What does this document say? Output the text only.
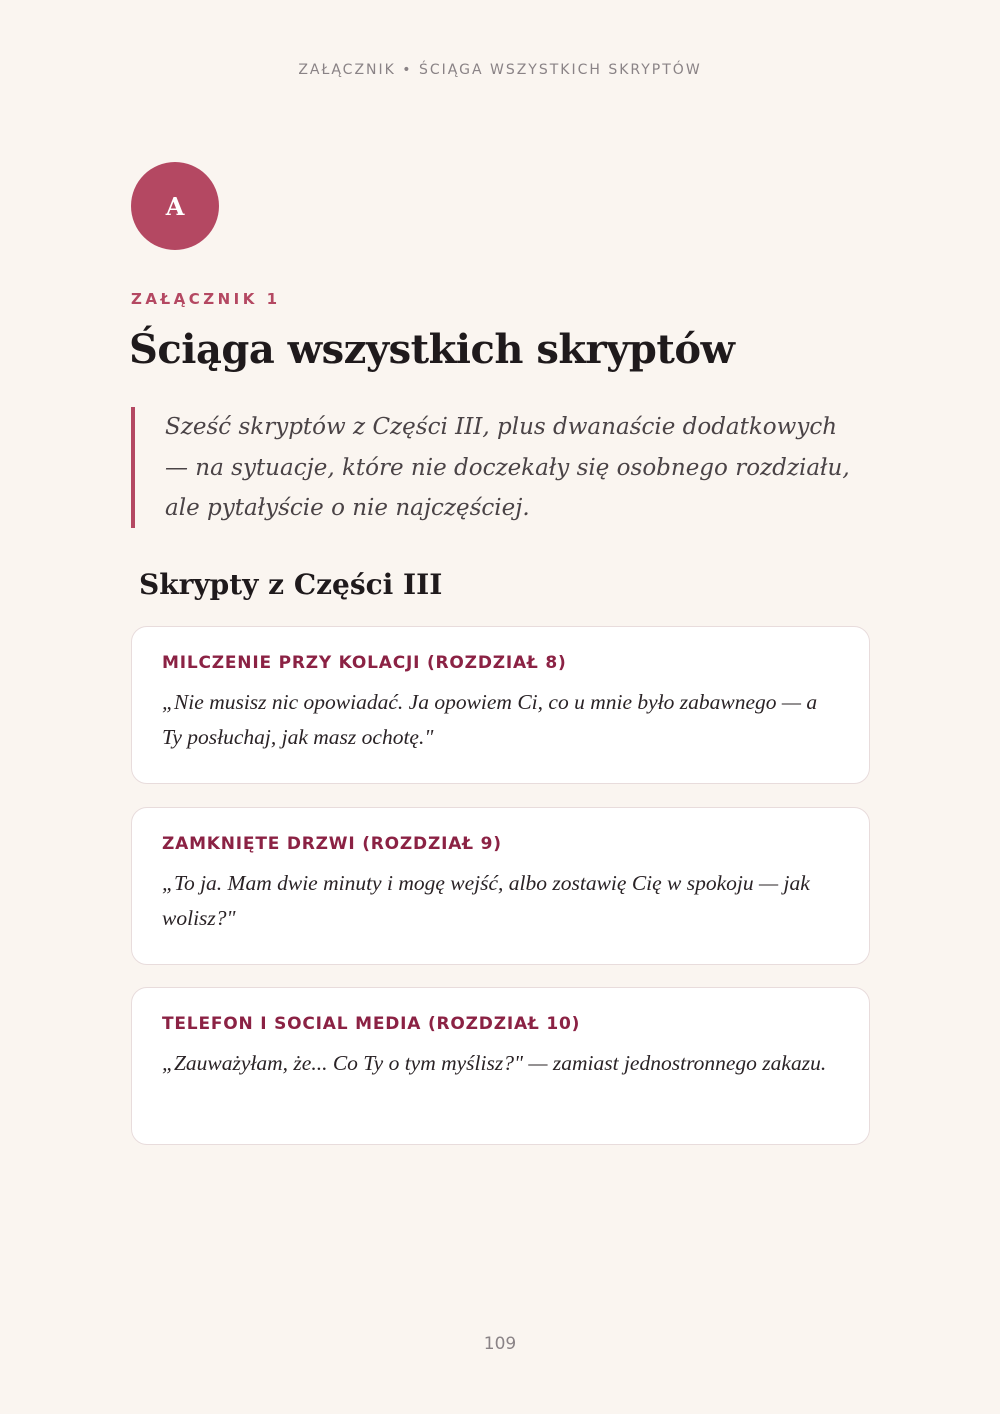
ZAŁĄCZNIK • ŚCIĄGA WSZYSTKICH SKRYPTÓW
A
ZAŁĄCZNIK 1
Ściąga wszystkich skryptów

Sześć skryptów z Części III, plus dwanaście dodatkowych — na sytuacje, które nie doczekały się osobnego rozdziału, ale pytałyście o nie najczęściej.

Skrypty z Części III
MILCZENIE PRZY KOLACJI (ROZDZIAŁ 8)

„Nie musisz nic opowiadać. Ja opowiem Ci, co u mnie było zabawnego — a Ty posłuchaj, jak masz ochotę."

ZAMKNIĘTE DRZWI (ROZDZIAŁ 9)

„To ja. Mam dwie minuty i mogę wejść, albo zostawię Cię w spokoju — jak wolisz?"

TELEFON I SOCIAL MEDIA (ROZDZIAŁ 10)

„Zauważyłam, że... Co Ty o tym myślisz?" — zamiast jednostronnego zakazu.

109
